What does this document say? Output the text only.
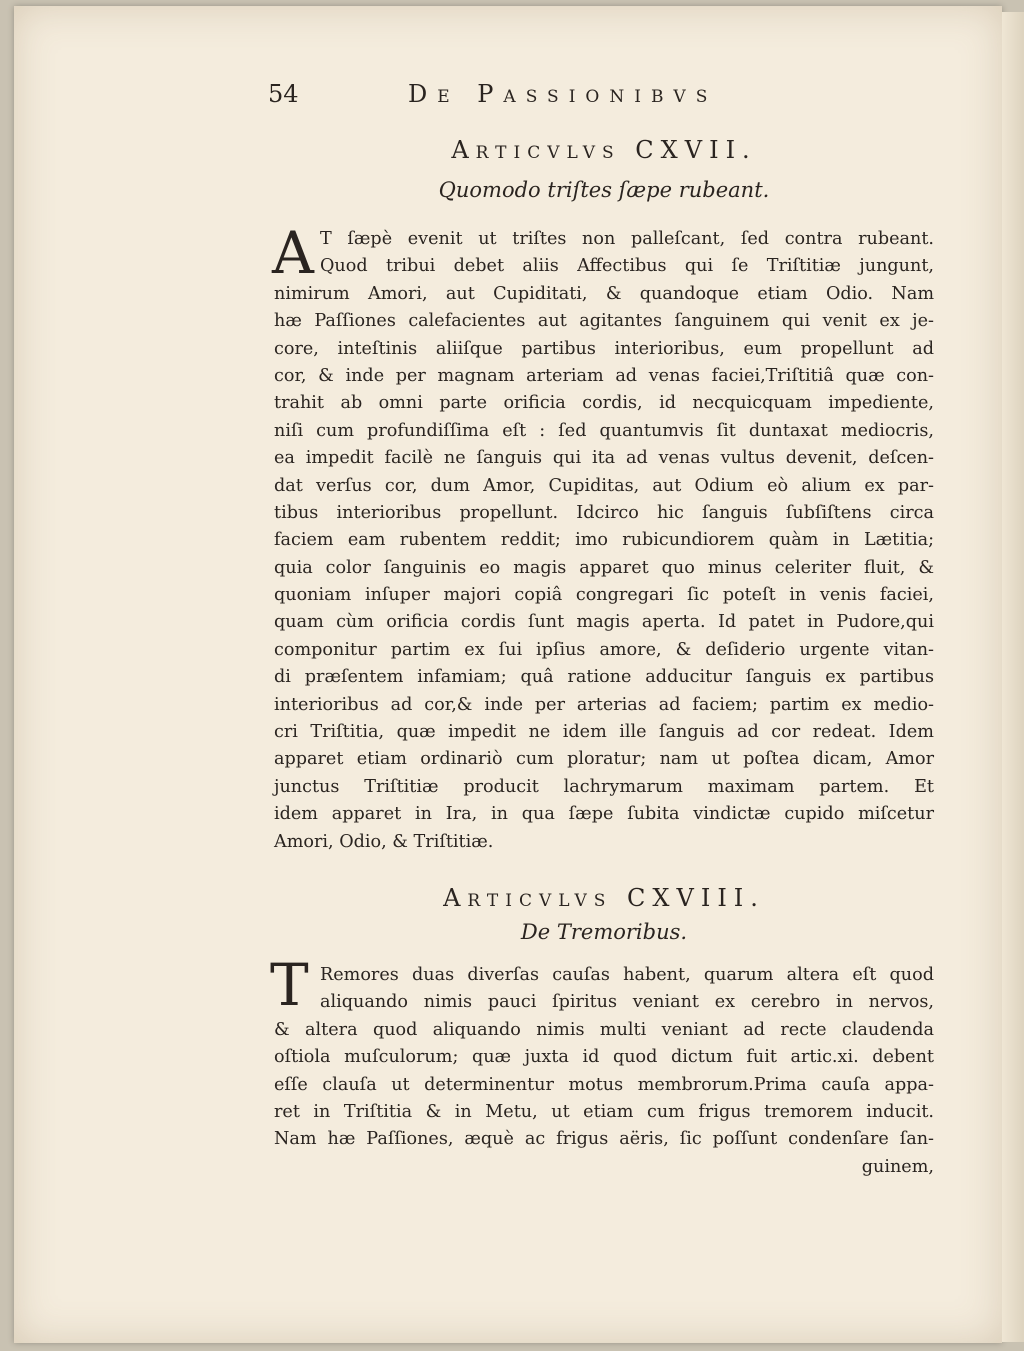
54	De Passionibvs
Articvlvs CXVII.
Quomodo triſtes ſæpe rubeant.
A T ſæpè evenit ut triſtes non palleſcant, ſed contra rubeant.
Quod tribui debet aliis Affectibus qui ſe Triſtitiæ jungunt,
nimirum Amori, aut Cupiditati, & quandoque etiam Odio. Nam
hæ Paſſiones calefacientes aut agitantes ſanguinem qui venit ex je-
core, inteſtinis aliiſque partibus interioribus, eum propellunt ad
cor, & inde per magnam arteriam ad venas faciei,Triſtitiâ quæ con-
trahit ab omni parte orificia cordis, id necquicquam impediente,
niſi cum profundiſſima eſt : ſed quantumvis ſit duntaxat mediocris,
ea impedit facilè ne ſanguis qui ita ad venas vultus devenit, deſcen-
dat verſus cor, dum Amor, Cupiditas, aut Odium eò alium ex par-
tibus interioribus propellunt. Idcirco hic ſanguis ſubſiſtens circa
faciem eam rubentem reddit; imo rubicundiorem quàm in Lætitia;
quia color ſanguinis eo magis apparet quo minus celeriter fluit, &
quoniam inſuper majori copiâ congregari ſic poteſt in venis faciei,
quam cùm orificia cordis ſunt magis aperta. Id patet in Pudore,qui
componitur partim ex ſui ipſius amore, & deſiderio urgente vitan-
di præſentem infamiam; quâ ratione adducitur ſanguis ex partibus
interioribus ad cor,& inde per arterias ad faciem; partim ex medio-
cri Triſtitia, quæ impedit ne idem ille ſanguis ad cor redeat. Idem
apparet etiam ordinariò cum ploratur; nam ut poſtea dicam, Amor
junctus Triſtitiæ producit lachrymarum maximam partem. Et
idem apparet in Ira, in qua ſæpe ſubita vindictæ cupido miſcetur
Amori, Odio, & Triſtitiæ.
Articvlvs CXVIII.
De Tremoribus.
T Remores duas diverſas cauſas habent, quarum altera eſt quod
aliquando nimis pauci ſpiritus veniant ex cerebro in nervos,
& altera quod aliquando nimis multi veniant ad recte claudenda
oſtiola muſculorum; quæ juxta id quod dictum fuit artic.xi. debent
eſſe clauſa ut determinentur motus membrorum.Prima cauſa appa-
ret in Triſtitia & in Metu, ut etiam cum frigus tremorem inducit.
Nam hæ Paſſiones, æquè ac frigus aëris, ſic poſſunt condenſare ſan-
guinem,
